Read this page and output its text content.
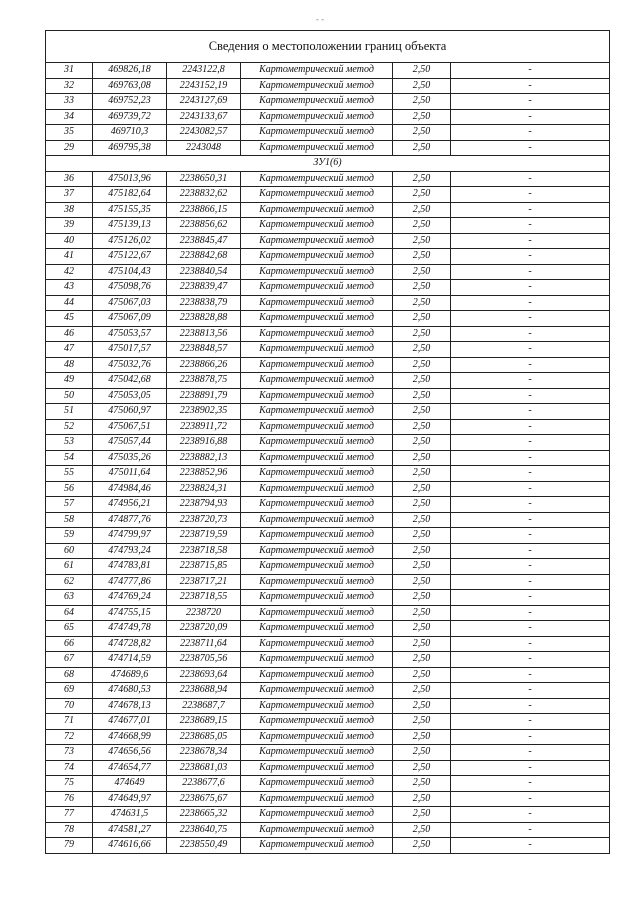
- -
Сведения о местоположении границ объекта					
31	469826,18	2243122,8	Картометрический метод	2,50	-
32	469763,08	2243152,19	Картометрический метод	2,50	-
33	469752,23	2243127,69	Картометрический метод	2,50	-
34	469739,72	2243133,67	Картометрический метод	2,50	-
35	469710,3	2243082,57	Картометрический метод	2,50	-
29	469795,38	2243048	Картометрический метод	2,50	-
ЗУ1(6)					
36	475013,96	2238650,31	Картометрический метод	2,50	-
37	475182,64	2238832,62	Картометрический метод	2,50	-
38	475155,35	2238866,15	Картометрический метод	2,50	-
39	475139,13	2238856,62	Картометрический метод	2,50	-
40	475126,02	2238845,47	Картометрический метод	2,50	-
41	475122,67	2238842,68	Картометрический метод	2,50	-
42	475104,43	2238840,54	Картометрический метод	2,50	-
43	475098,76	2238839,47	Картометрический метод	2,50	-
44	475067,03	2238838,79	Картометрический метод	2,50	-
45	475067,09	2238828,88	Картометрический метод	2,50	-
46	475053,57	2238813,56	Картометрический метод	2,50	-
47	475017,57	2238848,57	Картометрический метод	2,50	-
48	475032,76	2238866,26	Картометрический метод	2,50	-
49	475042,68	2238878,75	Картометрический метод	2,50	-
50	475053,05	2238891,79	Картометрический метод	2,50	-
51	475060,97	2238902,35	Картометрический метод	2,50	-
52	475067,51	2238911,72	Картометрический метод	2,50	-
53	475057,44	2238916,88	Картометрический метод	2,50	-
54	475035,26	2238882,13	Картометрический метод	2,50	-
55	475011,64	2238852,96	Картометрический метод	2,50	-
56	474984,46	2238824,31	Картометрический метод	2,50	-
57	474956,21	2238794,93	Картометрический метод	2,50	-
58	474877,76	2238720,73	Картометрический метод	2,50	-
59	474799,97	2238719,59	Картометрический метод	2,50	-
60	474793,24	2238718,58	Картометрический метод	2,50	-
61	474783,81	2238715,85	Картометрический метод	2,50	-
62	474777,86	2238717,21	Картометрический метод	2,50	-
63	474769,24	2238718,55	Картометрический метод	2,50	-
64	474755,15	2238720	Картометрический метод	2,50	-
65	474749,78	2238720,09	Картометрический метод	2,50	-
66	474728,82	2238711,64	Картометрический метод	2,50	-
67	474714,59	2238705,56	Картометрический метод	2,50	-
68	474689,6	2238693,64	Картометрический метод	2,50	-
69	474680,53	2238688,94	Картометрический метод	2,50	-
70	474678,13	2238687,7	Картометрический метод	2,50	-
71	474677,01	2238689,15	Картометрический метод	2,50	-
72	474668,99	2238685,05	Картометрический метод	2,50	-
73	474656,56	2238678,34	Картометрический метод	2,50	-
74	474654,77	2238681,03	Картометрический метод	2,50	-
75	474649	2238677,6	Картометрический метод	2,50	-
76	474649,97	2238675,67	Картометрический метод	2,50	-
77	474631,5	2238665,32	Картометрический метод	2,50	-
78	474581,27	2238640,75	Картометрический метод	2,50	-
79	474616,66	2238550,49	Картометрический метод	2,50	-
